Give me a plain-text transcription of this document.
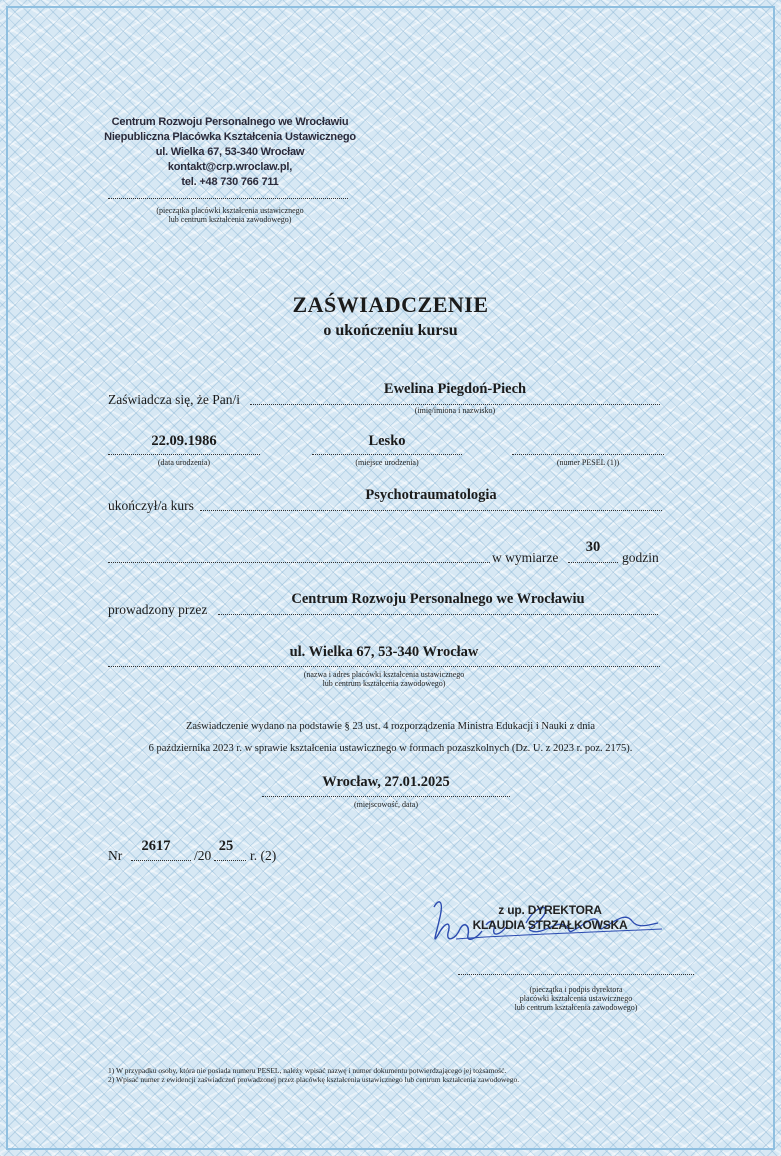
Centrum Rozwoju Personalnego we Wrocławiu
Niepubliczna Placówka Kształcenia Ustawicznego
ul. Wielka 67, 53-340 Wrocław
kontakt@crp.wroclaw.pl,
tel. +48 730 766 711
(pieczątka placówki kształcenia ustawicznego
lub centrum kształcenia zawodowego)
ZAŚWIADCZENIE
o ukończeniu kursu
Zaświadcza się, że Pan/i
Ewelina Piegdoń-Piech
(imię/imiona i nazwisko)
22.09.1986
(data urodzenia)
Lesko
(miejsce urodzenia)	(numer PESEL (1))
ukończył/a kurs
Psychotraumatologia
w wymiarze
30
godzin
prowadzony przez
Centrum Rozwoju Personalnego we Wrocławiu
ul. Wielka 67, 53-340 Wrocław
(nazwa i adres placówki kształcenia ustawicznego
lub centrum kształcenia zawodowego)
Zaświadczenie wydano na podstawie § 23 ust. 4 rozporządzenia Ministra Edukacji i Nauki z dnia
6 października 2023 r. w sprawie kształcenia ustawicznego w formach pozaszkolnych (Dz. U. z 2023 r. poz. 2175).
Wrocław, 27.01.2025
(miejscowość, data)
Nr
2617
/20
25
r. (2)
z up. DYREKTORA
KLAUDIA STRZAŁKOWSKA
(pieczątka i podpis dyrektora
placówki kształcenia ustawicznego
lub centrum kształcenia zawodowego)
1) W przypadku osoby, która nie posiada numeru PESEL, należy wpisać nazwę i numer dokumentu potwierdzającego jej tożsamość.
2) Wpisać numer z ewidencji zaświadczeń prowadzonej przez placówkę kształcenia ustawicznego lub centrum kształcenia zawodowego.
